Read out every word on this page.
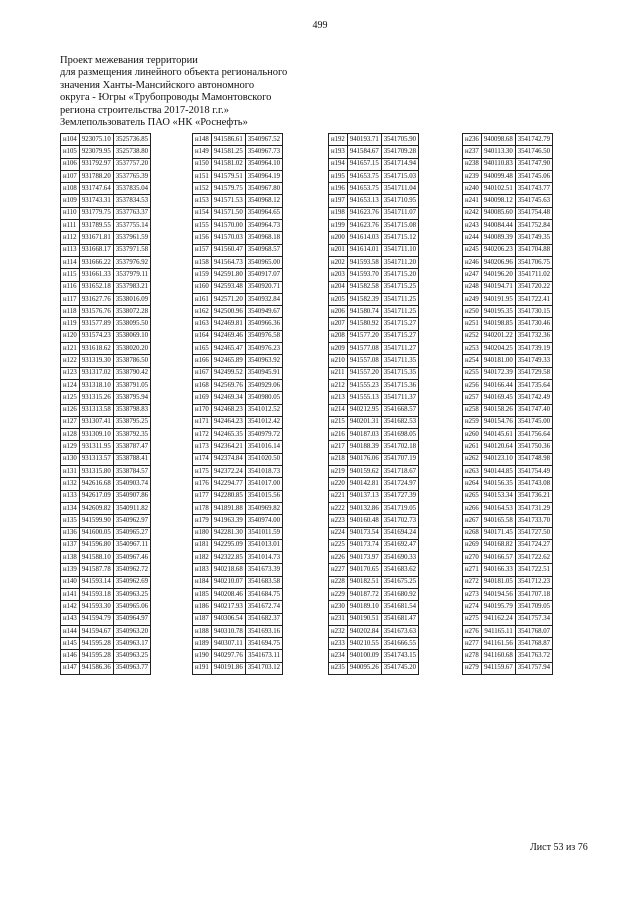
499
Проект межевания территории
для размещения линейного объекта регионального
значения Ханты-Мансийского автономного
округа - Югры «Трубопроводы Мамонтовского
региона строительства 2017-2018 г.г.»
Землепользователь ПАО «НК «Роснефть»
н104	923075.10	3525736.85
н105	923079.95	3525738.80
н106	931792.97	3537757.20
н107	931788.20	3537765.39
н108	931747.64	3537835.04
н109	931743.31	3537834.53
н110	931779.75	3537763.37
н111	931789.55	3537755.14
н112	931671.81	3537961.59
н113	931668.17	3537971.58
н114	931666.22	3537976.92
н115	931661.33	3537979.11
н116	931652.18	3537983.21
н117	931627.76	3538016.09
н118	931576.76	3538072.28
н119	931577.89	3538095.50
н120	931574.23	3538069.10
н121	931618.62	3538020.20
н122	931319.30	3538786.50
н123	931317.02	3538790.42
н124	931318.10	3538791.05
н125	931315.26	3538795.94
н126	931313.58	3538798.83
н127	931307.41	3538795.25
н128	931309.10	3538792.35
н129	931311.95	3538787.47
н130	931313.57	3538788.41
н131	931315.80	3538784.57
н132	942616.68	3540903.74
н133	942617.09	3540907.86
н134	942609.82	3540911.82
н135	941599.90	3540962.97
н136	941600.05	3540965.27
н137	941596.80	3540967.11
н138	941588.10	3540967.46
н139	941587.78	3540962.72
н140	941593.14	3540962.69
н141	941593.18	3540963.25
н142	941593.30	3540965.06
н143	941594.79	3540964.97
н144	941594.67	3540963.20
н145	941595.28	3540963.17
н146	941595.28	3540963.25
н147	941586.36	3540963.77
н148	941586.61	3540967.52
н149	941581.25	3540967.73
н150	941581.02	3540964.10
н151	941579.51	3540964.19
н152	941579.75	3540967.80
н153	941571.53	3540968.12
н154	941571.50	3540964.65
н155	941570.00	3540964.73
н156	941570.03	3540968.18
н157	941560.47	3540968.57
н158	941564.73	3540965.00
н159	942591.80	3540917.07
н160	942593.48	3540920.71
н161	942571.20	3540932.84
н162	942500.96	3540949.67
н163	942469.81	3540966.36
н164	942469.46	3540976.58
н165	942465.47	3540976.23
н166	942465.89	3540963.92
н167	942499.52	3540945.91
н168	942569.76	3540929.06
н169	942469.34	3540980.05
н170	942468.23	3541012.52
н171	942464.23	3541012.42
н172	942465.35	3540979.72
н173	942364.21	3541016.14
н174	942374.84	3541020.50
н175	942372.24	3541018.73
н176	942294.77	3541017.00
н177	942280.85	3541015.56
н178	941891.88	3540969.82
н179	941963.39	3540974.00
н180	942281.30	3541011.59
н181	942295.09	3541013.01
н182	942322.85	3541014.73
н183	940218.68	3541673.39
н184	940210.07	3541683.58
н185	940208.46	3541684.75
н186	940217.93	3541672.74
н187	940306.54	3541682.37
н188	940310.78	3541693.16
н189	940307.11	3541694.75
н190	940297.76	3541673.11
н191	940191.86	3541703.12
н192	940193.71	3541705.90
н193	941584.67	3541709.28
н194	941657.15	3541714.94
н195	941653.75	3541715.03
н196	941653.75	3541711.04
н197	941653.13	3541710.95
н198	941623.76	3541711.07
н199	941623.76	3541715.08
н200	941614.03	3541715.12
н201	941614.01	3541711.10
н202	941593.58	3541711.20
н203	941593.70	3541715.20
н204	941582.58	3541715.25
н205	941582.39	3541711.25
н206	941580.74	3541711.25
н207	941580.92	3541715.27
н208	941577.20	3541715.27
н209	941577.08	3541711.27
н210	941557.08	3541711.35
н211	941557.20	3541715.35
н212	941555.23	3541715.36
н213	941555.13	3541711.37
н214	940212.95	3541668.57
н215	940201.31	3541682.53
н216	940187.03	3541698.05
н217	940188.39	3541702.18
н218	940176.06	3541707.19
н219	940159.62	3541718.67
н220	940142.81	3541724.97
н221	940137.13	3541727.39
н222	940132.86	3541719.05
н223	940160.48	3541702.73
н224	940173.54	3541694.24
н225	940173.74	3541692.47
н226	940173.97	3541690.33
н227	940170.65	3541683.62
н228	940182.51	3541675.25
н229	940187.72	3541680.92
н230	940189.10	3541681.54
н231	940190.51	3541681.47
н232	940202.84	3541673.63
н233	940210.55	3541666.55
н234	940100.09	3541743.15
н235	940095.26	3541745.20
н236	940098.68	3541742.79
н237	940113.30	3541746.50
н238	940110.83	3541747.90
н239	940099.48	3541745.06
н240	940102.51	3541743.77
н241	940098.12	3541745.63
н242	940085.60	3541754.48
н243	940084.44	3541752.84
н244	940089.39	3541749.35
н245	940206.23	3541704.88
н246	940206.96	3541706.75
н247	940196.20	3541711.02
н248	940194.71	3541720.22
н249	940191.95	3541722.41
н250	940195.35	3541730.15
н251	940198.85	3541730.46
н252	940201.22	3541732.36
н253	940204.25	3541739.19
н254	940181.00	3541749.33
н255	940172.39	3541729.58
н256	940166.44	3541735.64
н257	940169.45	3541742.49
н258	940158.26	3541747.40
н259	940154.76	3541745.00
н260	940145.61	3541756.64
н261	940120.64	3541750.36
н262	940123.10	3541748.98
н263	940144.85	3541754.49
н264	940156.35	3541743.08
н265	940153.34	3541736.21
н266	940164.53	3541731.29
н267	940165.58	3541733.70
н268	940171.45	3541727.50
н269	940168.82	3541724.27
н270	940166.57	3541722.62
н271	940166.33	3541722.51
н272	940181.05	3541712.23
н273	940194.56	3541707.18
н274	940195.79	3541709.05
н275	941162.24	3541757.34
н276	941165.11	3541768.07
н277	941161.56	3541768.87
н278	941160.68	3541763.72
н279	941159.67	3541757.94
Лист 53 из 76
